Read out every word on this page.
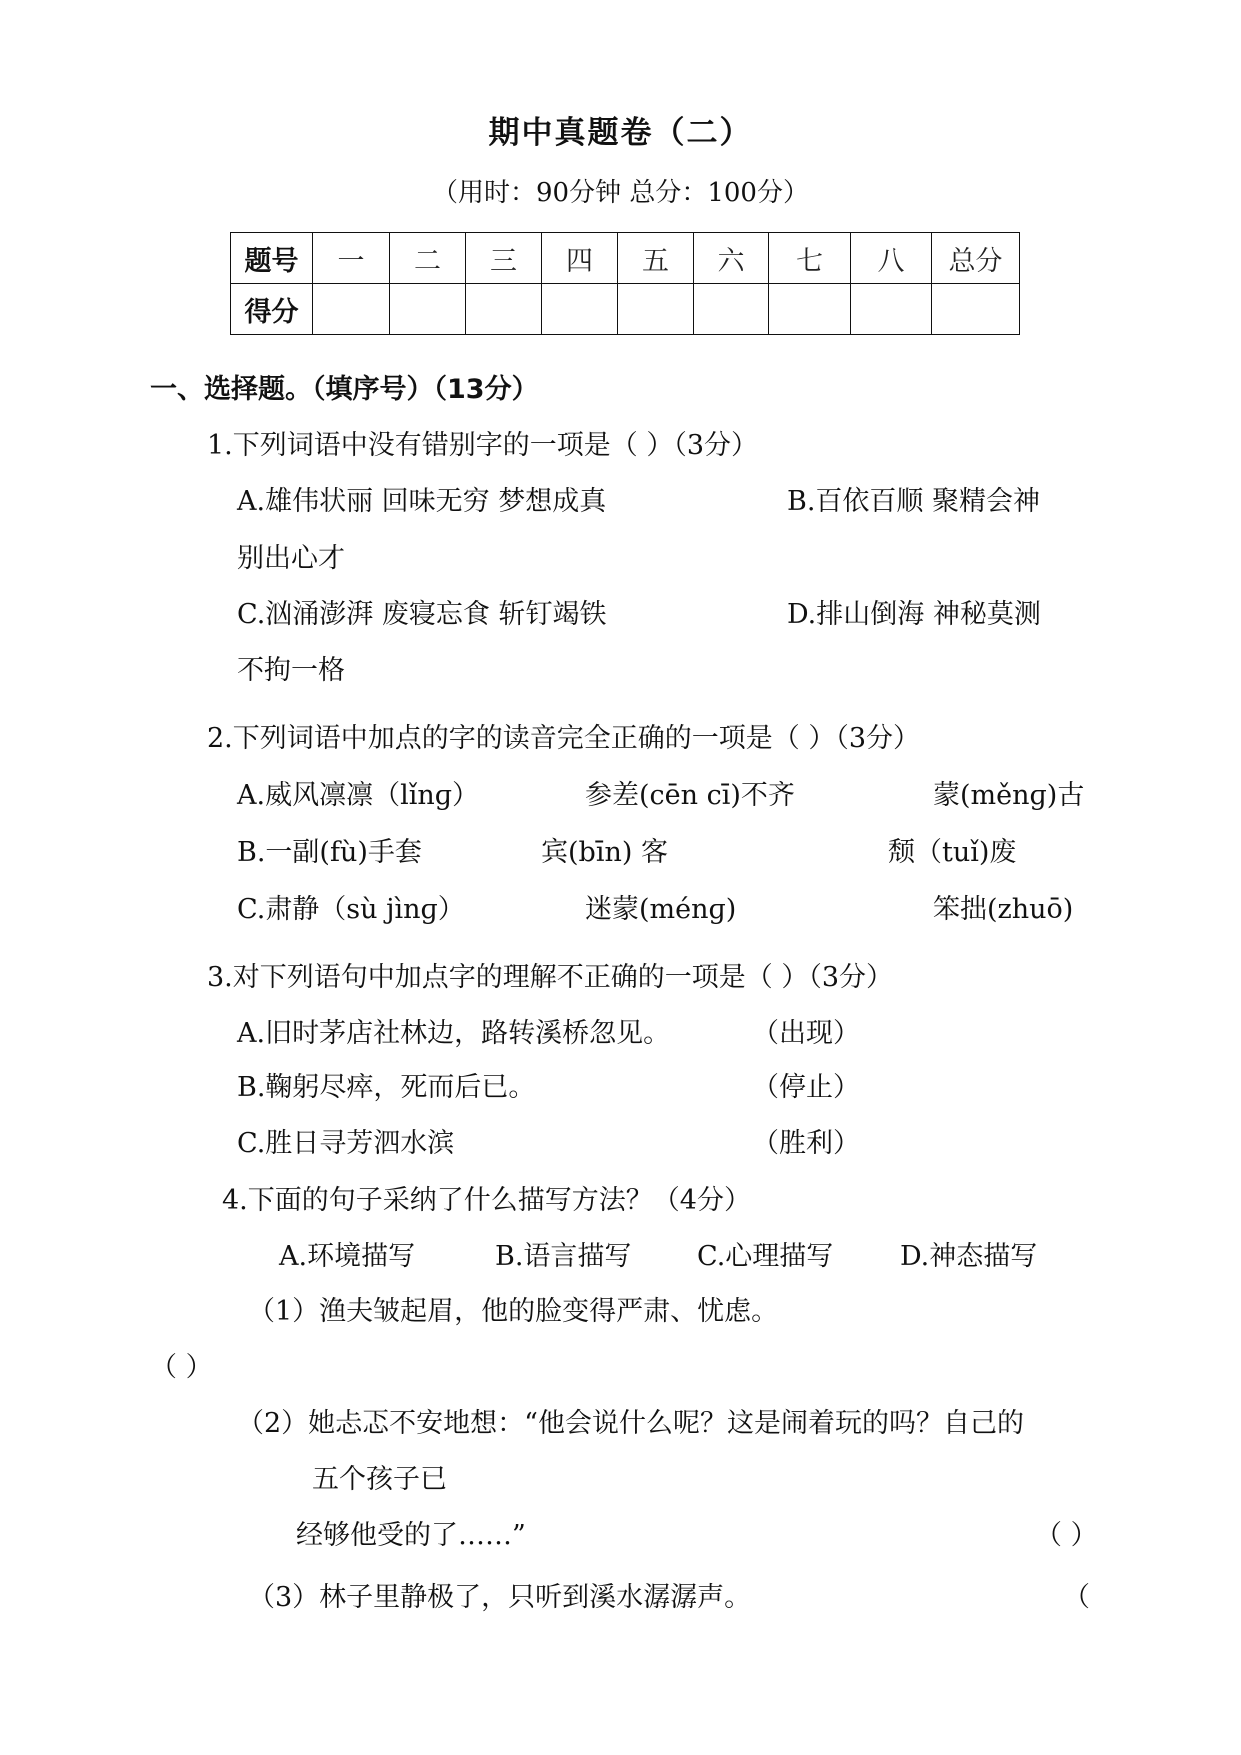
期中真题卷（二）
（用时：90分钟 总分：100分）
题号	一	二	三	四	五	六	七	八	总分
得分									
一、选择题。（填序号）（13分）
1.下列词语中没有错别字的一项是（ ）（3分）
A.雄伟状丽 回味无穷 梦想成真	B.百依百顺 聚精会神
别出心才
C.汹涌澎湃 废寝忘食 斩钉竭铁	D.排山倒海 神秘莫测
不拘一格
2.下列词语中加点的字的读音完全正确的一项是（ ）（3分）
A.威风凛凛（lǐnɡ）	参差(cēn cī)不齐	蒙(měnɡ)古
B.一副(fù)手套	宾(bīn) 客	颓（tuǐ)废
C.肃静（sù jìnɡ）	迷蒙(ménɡ)	笨拙(zhuō)
3.对下列语句中加点字的理解不正确的一项是（ ）（3分）
A.旧时茅店社林边，路转溪桥忽见。	（出现）
B.鞠躬尽瘁，死而后已。	（停止）
C.胜日寻芳泗水滨	（胜利）
4.下面的句子采纳了什么描写方法？（4分）
A.环境描写	B.语言描写 C.心理描写 D.神态描写
（1）渔夫皱起眉，他的脸变得严肃、忧虑。
（ ）
（2）她忐忑不安地想：“他会说什么呢？这是闹着玩的吗？自己的
五个孩子已
经够他受的了……”	（ ）
（3）林子里静极了，只听到溪水潺潺声。	（
